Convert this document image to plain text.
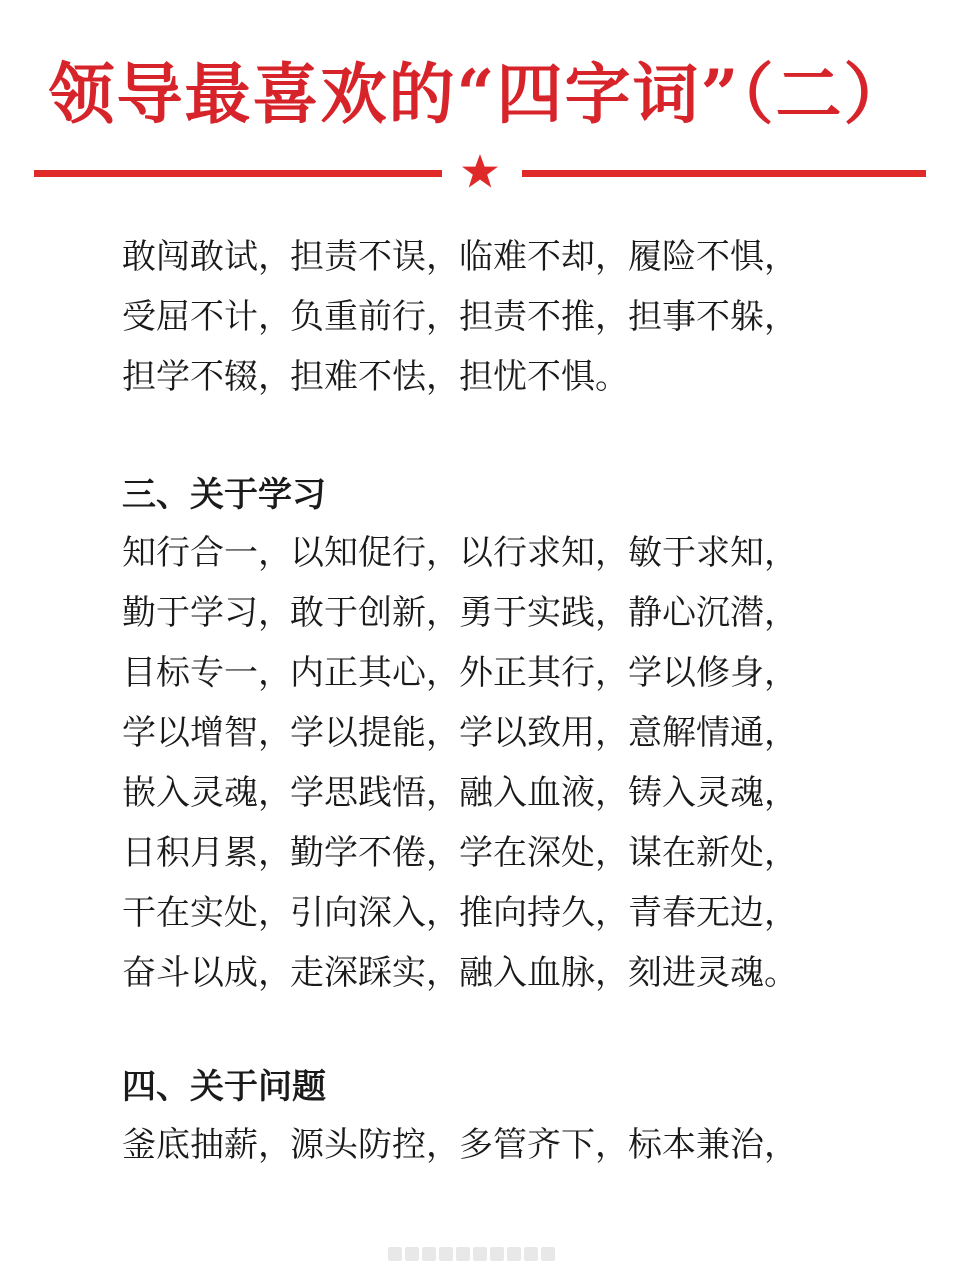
领导最喜欢的“四字词”（二）
敢闯敢试，
担责不误， 临难不却， 履险不惧，
受屈不计，
负重前行， 担责不推， 担事不躲，
担学不辍，
担难不怯， 担忧不惧。
三、关于学习
知行合一，
以知促行， 以行求知， 敏于求知，
勤于学习，
敢于创新， 勇于实践， 静心沉潜，
目标专一，
内正其心， 外正其行， 学以修身，
学以增智，
学以提能， 学以致用， 意解情通，
嵌入灵魂，
学思践悟， 融入血液， 铸入灵魂，
日积月累，
勤学不倦， 学在深处， 谋在新处，
干在实处，
引向深入， 推向持久， 青春无边，
奋斗以成，
走深踩实， 融入血脉， 刻进灵魂。
四、关于问题
釜底抽薪，
源头防控， 多管齐下， 标本兼治，
